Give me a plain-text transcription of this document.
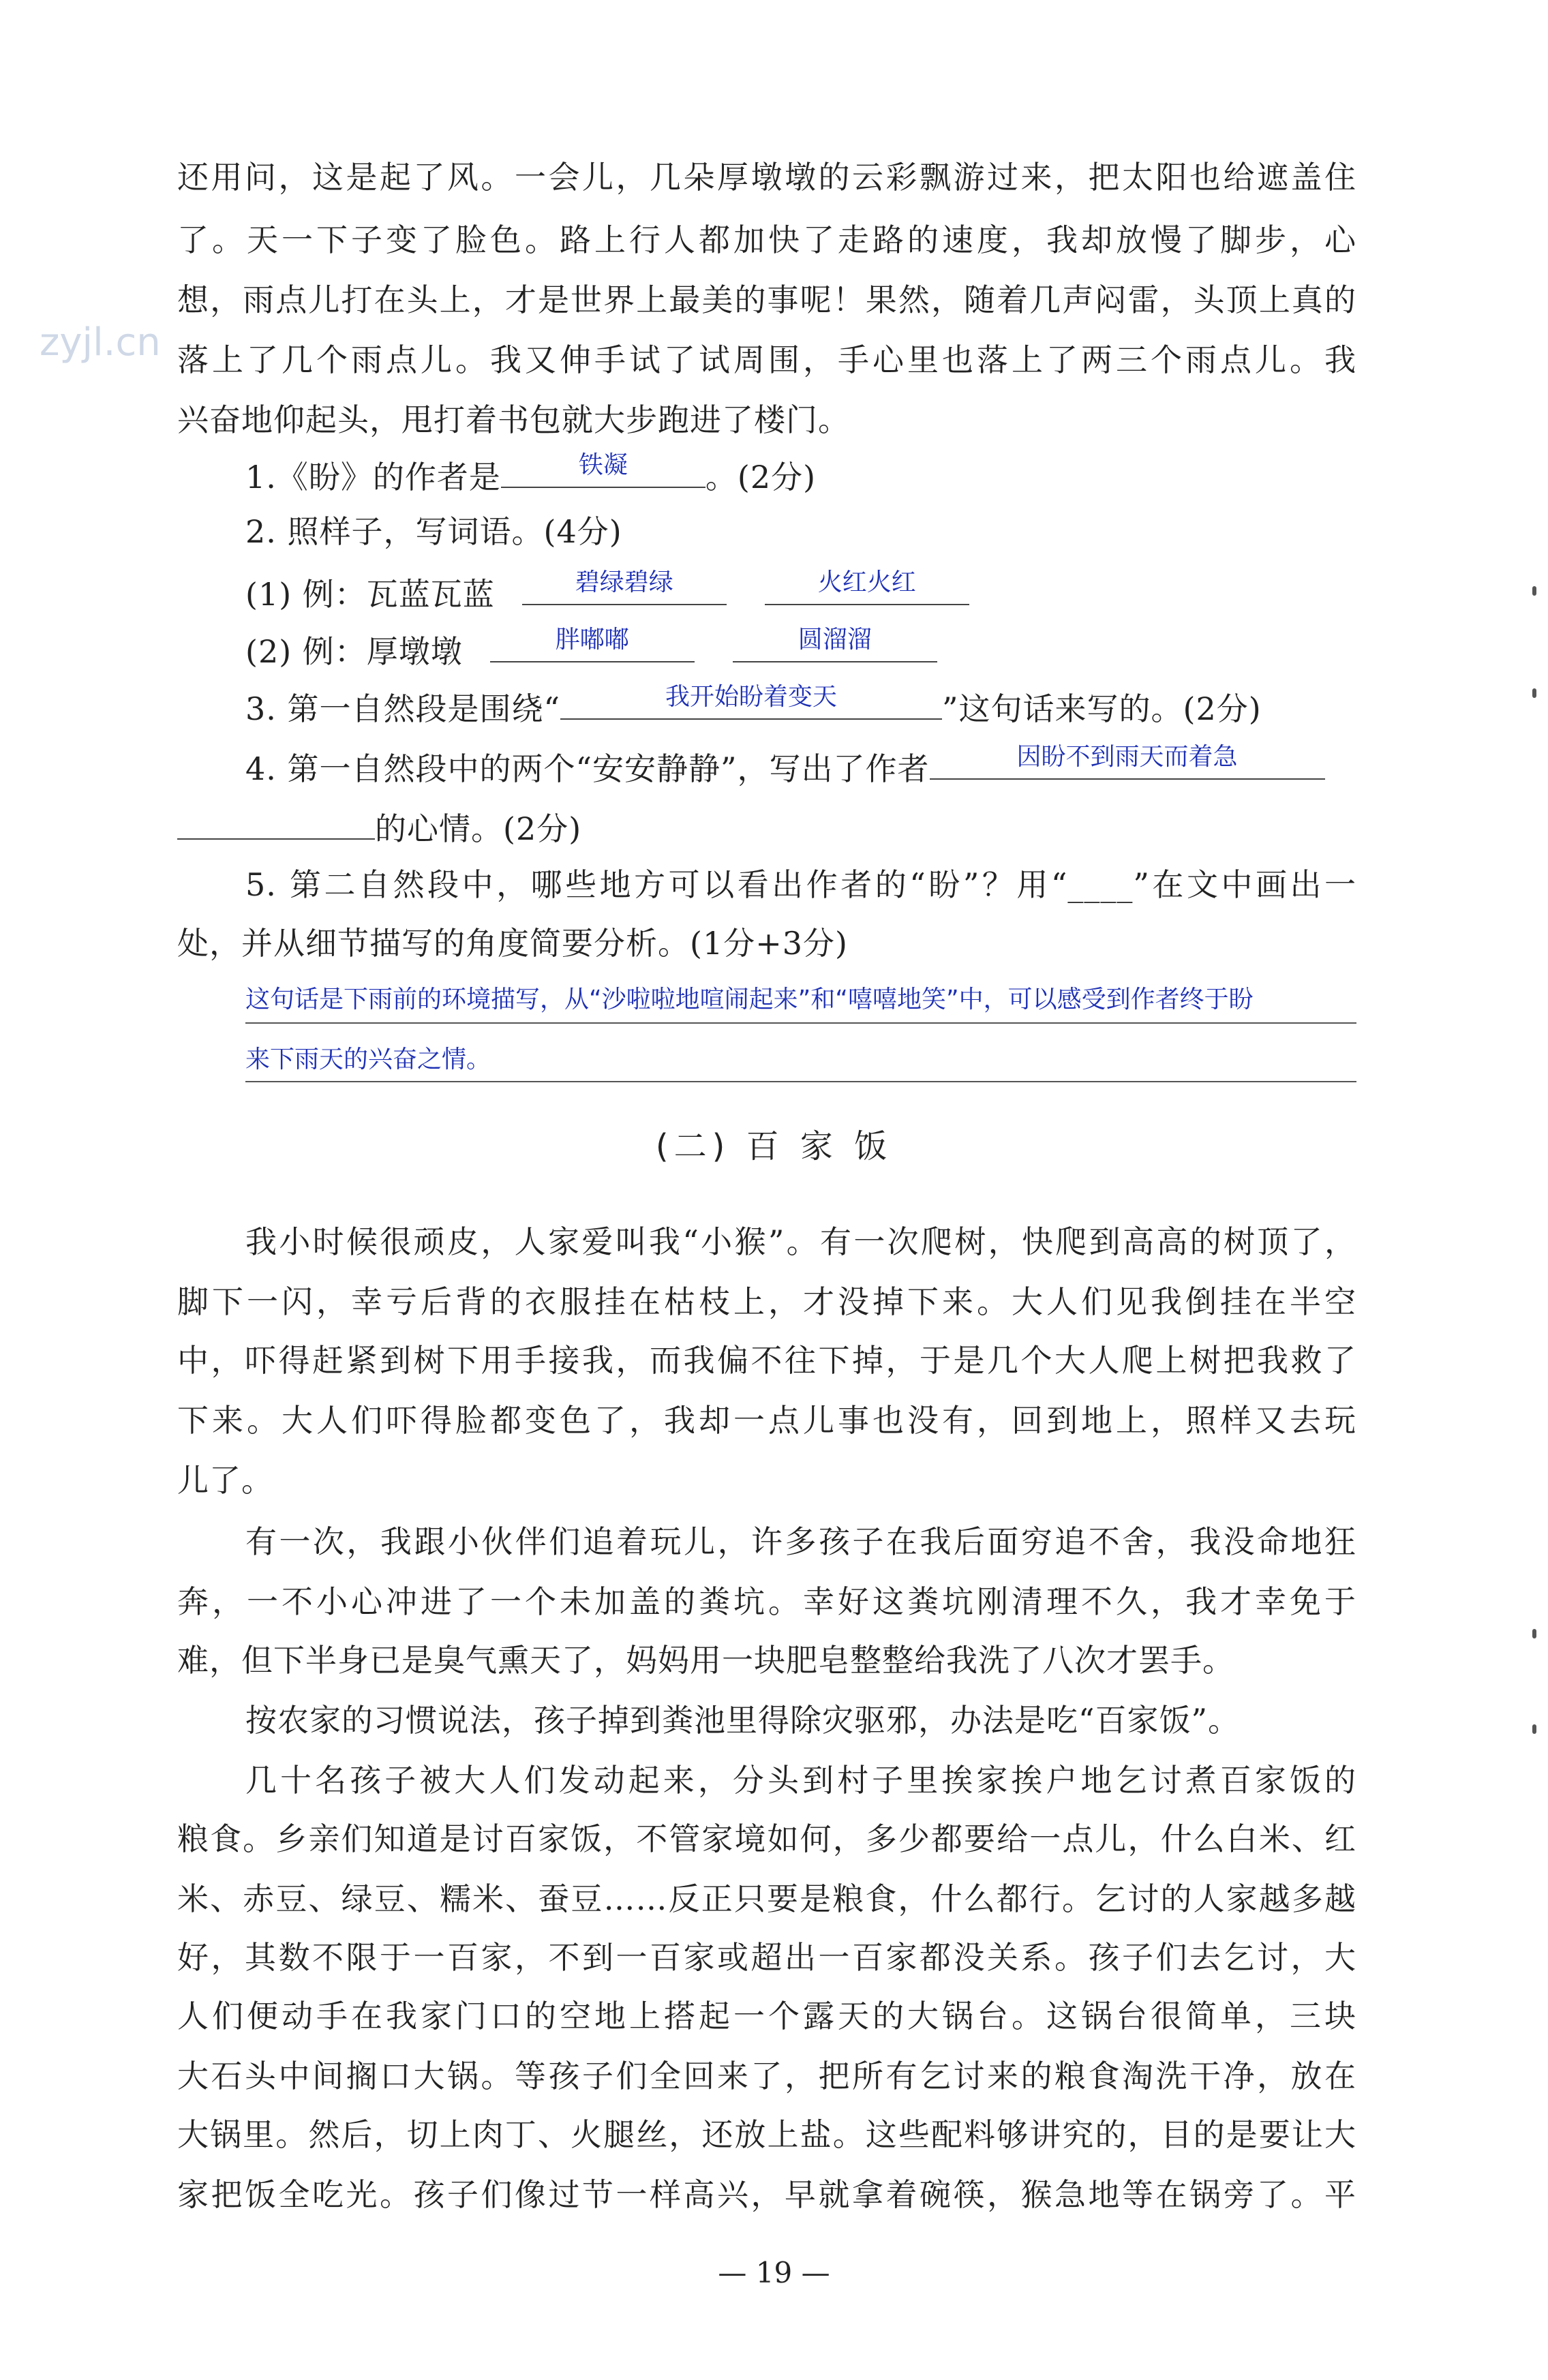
zyjl.cn
还用问，这是起了风。一会儿，几朵厚墩墩的云彩飘游过来，把太阳也给遮盖住
了。天一下子变了脸色。路上行人都加快了走路的速度，我却放慢了脚步，心
想，雨点儿打在头上，才是世界上最美的事呢！果然，随着几声闷雷，头顶上真的
落上了几个雨点儿。我又伸手试了试周围，手心里也落上了两三个雨点儿。我
兴奋地仰起头，甩打着书包就大步跑进了楼门。
1.《盼》的作者是	铁凝	。(2分)
2. 照样子，写词语。(4分)
(1) 例：瓦蓝瓦蓝	碧绿碧绿	火红火红
(2) 例：厚墩墩	胖嘟嘟	圆溜溜
3. 第一自然段是围绕“	我开始盼着变天	”这句话来写的。(2分)
4. 第一自然段中的两个“安安静静”，写出了作者	因盼不到雨天而着急
的心情。(2分)
5. 第二自然段中，哪些地方可以看出作者的“盼”？用“____”在文中画出一
处，并从细节描写的角度简要分析。(1分+3分)
这句话是下雨前的环境描写，从“沙啦啦地喧闹起来”和“嘻嘻地笑”中，可以感受到作者终于盼
来下雨天的兴奋之情。
(二) 百 家 饭
我小时候很顽皮，人家爱叫我“小猴”。有一次爬树，快爬到高高的树顶了，
脚下一闪，幸亏后背的衣服挂在枯枝上，才没掉下来。大人们见我倒挂在半空
中，吓得赶紧到树下用手接我，而我偏不往下掉，于是几个大人爬上树把我救了
下来。大人们吓得脸都变色了，我却一点儿事也没有，回到地上，照样又去玩
儿了。
有一次，我跟小伙伴们追着玩儿，许多孩子在我后面穷追不舍，我没命地狂
奔，一不小心冲进了一个未加盖的粪坑。幸好这粪坑刚清理不久，我才幸免于
难，但下半身已是臭气熏天了，妈妈用一块肥皂整整给我洗了八次才罢手。
按农家的习惯说法，孩子掉到粪池里得除灾驱邪，办法是吃“百家饭”。
几十名孩子被大人们发动起来，分头到村子里挨家挨户地乞讨煮百家饭的
粮食。乡亲们知道是讨百家饭，不管家境如何，多少都要给一点儿，什么白米、红
米、赤豆、绿豆、糯米、蚕豆……反正只要是粮食，什么都行。乞讨的人家越多越
好，其数不限于一百家，不到一百家或超出一百家都没关系。孩子们去乞讨，大
人们便动手在我家门口的空地上搭起一个露天的大锅台。这锅台很简单，三块
大石头中间搁口大锅。等孩子们全回来了，把所有乞讨来的粮食淘洗干净，放在
大锅里。然后，切上肉丁、火腿丝，还放上盐。这些配料够讲究的，目的是要让大
家把饭全吃光。孩子们像过节一样高兴，早就拿着碗筷，猴急地等在锅旁了。平
— 19 —
